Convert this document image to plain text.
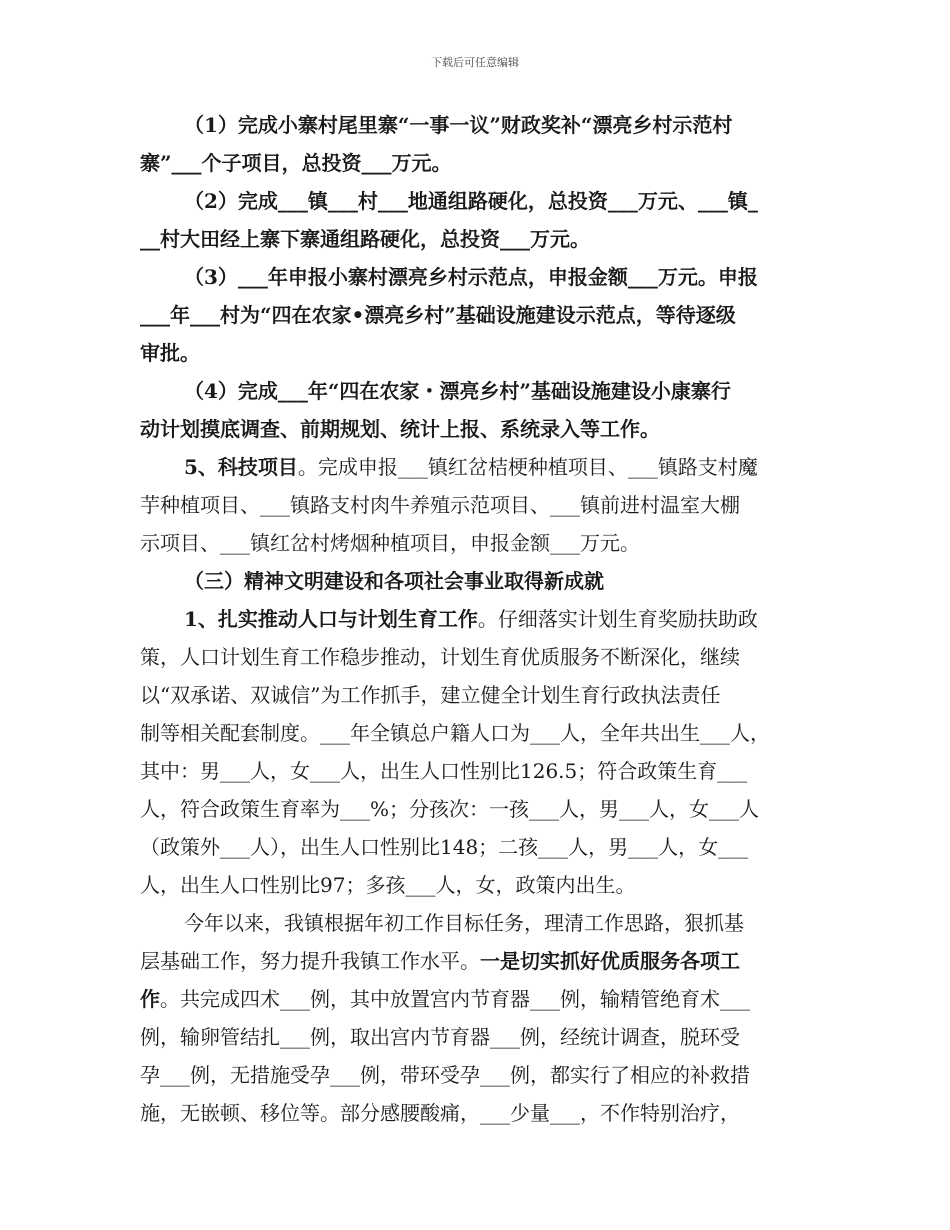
下载后可任意编辑
（1）完成小寨村尾里寨“一事一议”财政奖补“漂亮乡村示范村
寨”___个子项目，总投资___万元。
（2）完成___镇___村___地通组路硬化，总投资___万元、___镇_
__村大田经上寨下寨通组路硬化，总投资___万元。
（3）___年申报小寨村漂亮乡村示范点，申报金额___万元。申报
___年___村为“四在农家•漂亮乡村”基础设施建设示范点，等待逐级
审批。
（4）完成___年“四在农家・漂亮乡村”基础设施建设小康寨行
动计划摸底调查、前期规划、统计上报、系统录入等工作。
5、科技项目。完成申报___镇红岔桔梗种植项目、___镇路支村魔
芋种植项目、___镇路支村肉牛养殖示范项目、___镇前进村温室大棚
示项目、___镇红岔村烤烟种植项目，申报金额___万元。
（三）精神文明建设和各项社会事业取得新成就
1、扎实推动人口与计划生育工作。仔细落实计划生育奖励扶助政
策，人口计划生育工作稳步推动，计划生育优质服务不断深化，继续
以“双承诺、双诚信”为工作抓手，建立健全计划生育行政执法责任
制等相关配套制度。___年全镇总户籍人口为___人，全年共出生___人，
其中：男___人，女___人，出生人口性别比126.5；符合政策生育___
人，符合政策生育率为___%；分孩次：一孩___人，男___人，女___人
（政策外___人），出生人口性别比148；二孩___人，男___人，女___
人，出生人口性别比97；多孩___人，女，政策内出生。
今年以来，我镇根据年初工作目标任务，理清工作思路，狠抓基
层基础工作，努力提升我镇工作水平。一是切实抓好优质服务各项工
作。共完成四术___例，其中放置宫内节育器___例，输精管绝育术___
例，输卵管结扎___例，取出宫内节育器___例，经统计调查，脱环受
孕___例，无措施受孕___例，带环受孕___例，都实行了相应的补救措
施，无嵌顿、移位等。部分感腰酸痛，___少量___，不作特别治疗，
